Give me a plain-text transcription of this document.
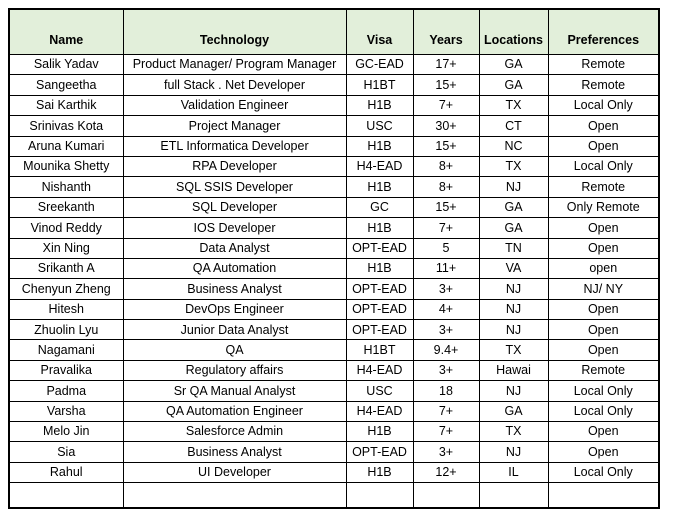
Name	Technology	Visa	Years	Locations	Preferences
Salik Yadav	Product Manager/ Program Manager	GC-EAD	17+	GA	Remote
Sangeetha	full Stack . Net Developer	H1BT	15+	GA	Remote
Sai Karthik	Validation Engineer	H1B	7+	TX	Local Only
Srinivas Kota	Project Manager	USC	30+	CT	Open
Aruna Kumari	ETL Informatica Developer	H1B	15+	NC	Open
Mounika Shetty	RPA Developer	H4-EAD	8+	TX	Local Only
Nishanth	SQL SSIS Developer	H1B	8+	NJ	Remote
Sreekanth	SQL Developer	GC	15+	GA	Only Remote
Vinod Reddy	IOS Developer	H1B	7+	GA	Open
Xin Ning	Data Analyst	OPT-EAD	5	TN	Open
Srikanth A	QA Automation	H1B	11+	VA	open
Chenyun Zheng	Business Analyst	OPT-EAD	3+	NJ	NJ/ NY
Hitesh	DevOps Engineer	OPT-EAD	4+	NJ	Open
Zhuolin Lyu	Junior Data Analyst	OPT-EAD	3+	NJ	Open
Nagamani	QA	H1BT	9.4+	TX	Open
Pravalika	Regulatory affairs	H4-EAD	3+	Hawai	Remote
Padma	Sr QA Manual Analyst	USC	18	NJ	Local Only
Varsha	QA Automation Engineer	H4-EAD	7+	GA	Local Only
Melo Jin	Salesforce Admin	H1B	7+	TX	Open
Sia	Business Analyst	OPT-EAD	3+	NJ	Open
Rahul	UI Developer	H1B	12+	IL	Local Only
